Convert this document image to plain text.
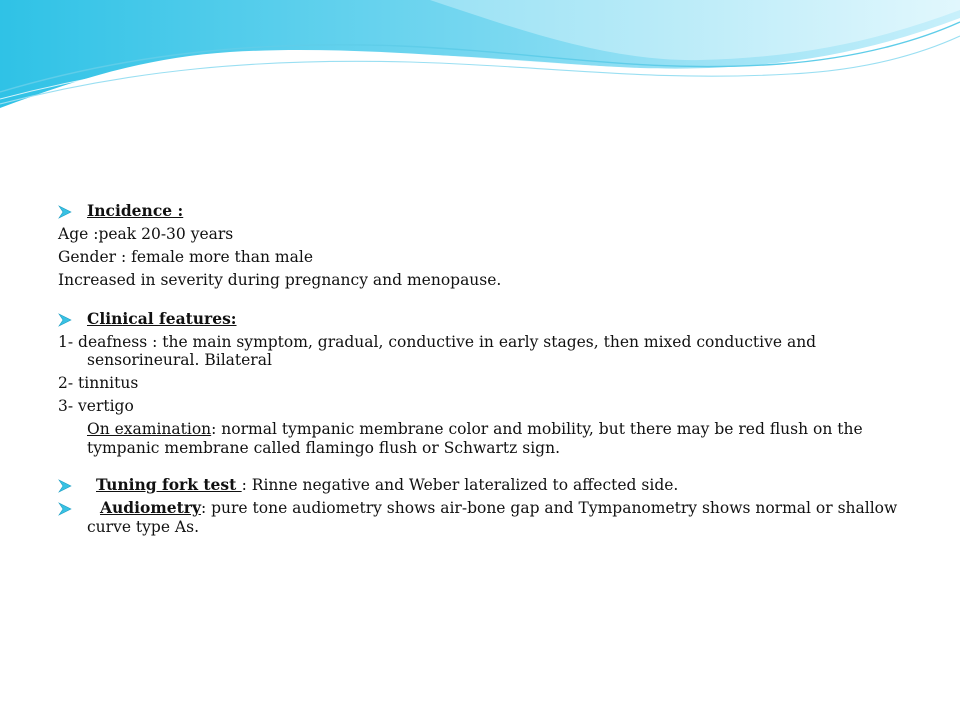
Incidence :

Age :peak 20-30 years

Gender : female more than male

Increased in severity during pregnancy and menopause.

Clinical features:

1- deafness : the main symptom, gradual, conductive in early stages, then mixed conductive and sensorineural. Bilateral

2- tinnitus

3- vertigo

On examination: normal tympanic membrane color and mobility, but there may be red flush on the tympanic membrane called flamingo flush or Schwartz sign.

Tuning fork test : Rinne negative and Weber lateralized to affected side.
Audiometry: pure tone audiometry shows air-bone gap and Tympanometry shows normal or shallow curve type As.
